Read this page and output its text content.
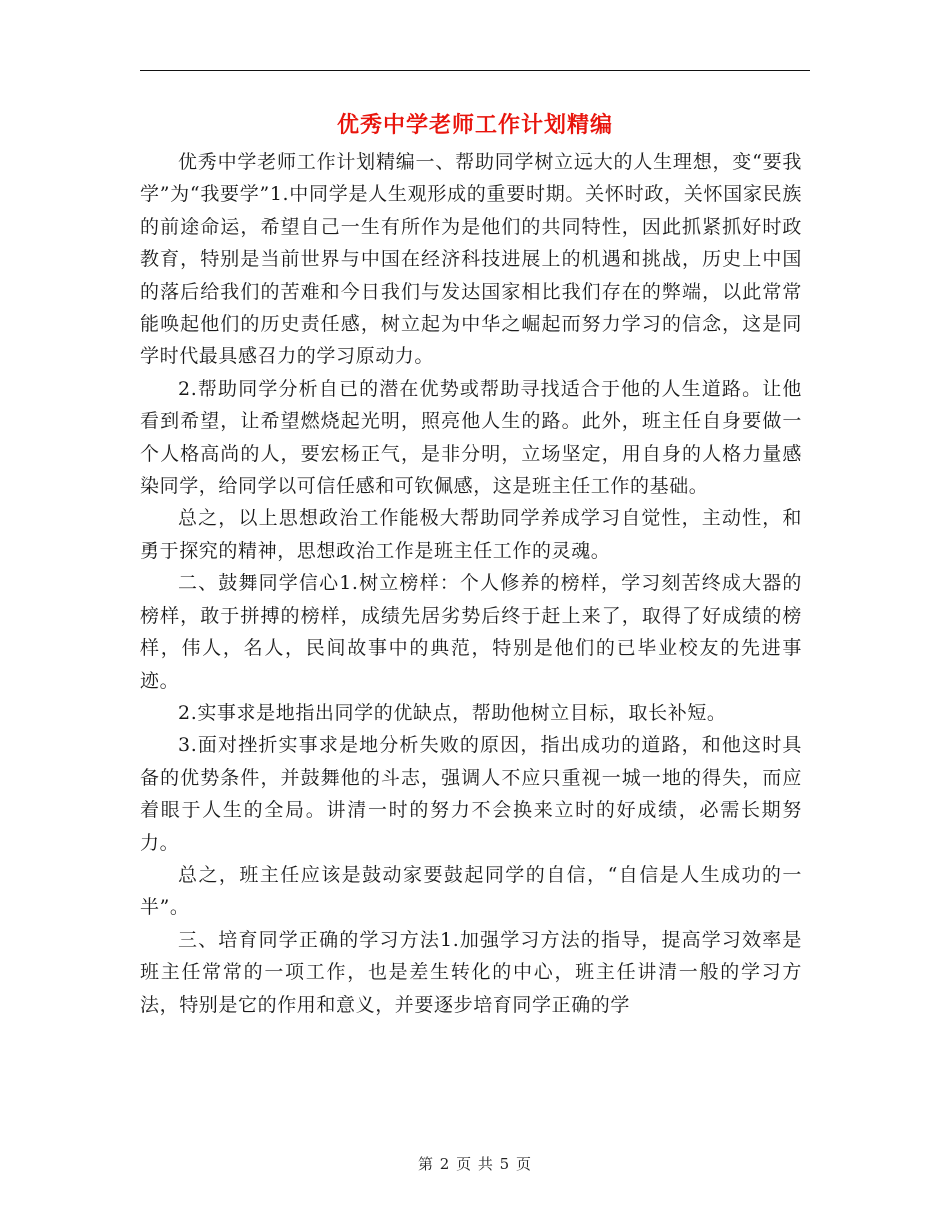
优秀中学老师工作计划精编

优秀中学老师工作计划精编一、帮助同学树立远大的人生理想，变“要我学”为“我要学”1.中同学是人生观形成的重要时期。关怀时政，关怀国家民族的前途命运，希望自己一生有所作为是他们的共同特性，因此抓紧抓好时政教育，特别是当前世界与中国在经济科技进展上的机遇和挑战，历史上中国的落后给我们的苦难和今日我们与发达国家相比我们存在的弊端，以此常常能唤起他们的历史责任感，树立起为中华之崛起而努力学习的信念，这是同学时代最具感召力的学习原动力。

2.帮助同学分析自已的潜在优势或帮助寻找适合于他的人生道路。让他看到希望，让希望燃烧起光明，照亮他人生的路。此外，班主任自身要做一个人格高尚的人，要宏杨正气，是非分明，立场坚定，用自身的人格力量感染同学，给同学以可信任感和可钦佩感，这是班主任工作的基础。

总之，以上思想政治工作能极大帮助同学养成学习自觉性，主动性，和勇于探究的精神，思想政治工作是班主任工作的灵魂。

二、鼓舞同学信心1.树立榜样：个人修养的榜样，学习刻苦终成大器的榜样，敢于拼搏的榜样，成绩先居劣势后终于赶上来了，取得了好成绩的榜样，伟人，名人，民间故事中的典范，特别是他们的已毕业校友的先进事迹。

2.实事求是地指出同学的优缺点，帮助他树立目标，取长补短。

3.面对挫折实事求是地分析失败的原因，指出成功的道路，和他这时具备的优势条件，并鼓舞他的斗志，强调人不应只重视一城一地的得失，而应着眼于人生的全局。讲清一时的努力不会换来立时的好成绩，必需长期努力。

总之，班主任应该是鼓动家要鼓起同学的自信，“自信是人生成功的一半”。

三、培育同学正确的学习方法1.加强学习方法的指导，提高学习效率是班主任常常的一项工作，也是差生转化的中心，班主任讲清一般的学习方法，特别是它的作用和意义，并要逐步培育同学正确的学

第 2 页 共 5 页
